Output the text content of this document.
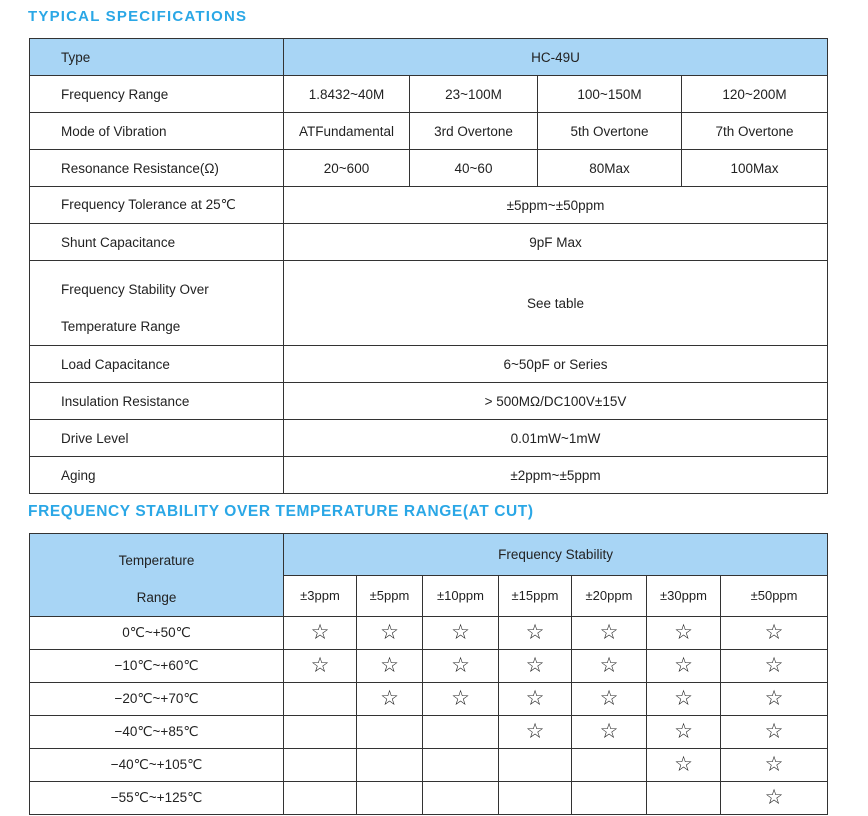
TYPICAL SPECIFICATIONS
Type	HC-49U			
Frequency Range	1.8432~40M	23~100M	100~150M	120~200M
Mode of Vibration	ATFundamental	3rd Overtone	5th Overtone	7th Overtone
Resonance Resistance(Ω)	20~600	40~60	80Max	100Max
Frequency Tolerance at 25℃	±5ppm~±50ppm			
Shunt Capacitance	9pF Max			

Frequency Stability Over
Temperature Range	See table			
Load Capacitance	6~50pF or Series			
Insulation Resistance	> 500MΩ/DC100V±15V			
Drive Level	0.01mW~1mW			
Aging	±2ppm~±5ppm			
FREQUENCY STABILITY OVER TEMPERATURE RANGE(AT CUT)
Temperature
Range	Frequency Stability						
	±3ppm	±5ppm	±10ppm	±15ppm	±20ppm	±30ppm	±50ppm
0℃~+50℃	☆	☆	☆	☆	☆	☆	☆
−10℃~+60℃	☆	☆	☆	☆	☆	☆	☆
−20℃~+70℃		☆	☆	☆	☆	☆	☆
−40℃~+85℃				☆	☆	☆	☆
−40℃~+105℃						☆	☆
−55℃~+125℃							☆
